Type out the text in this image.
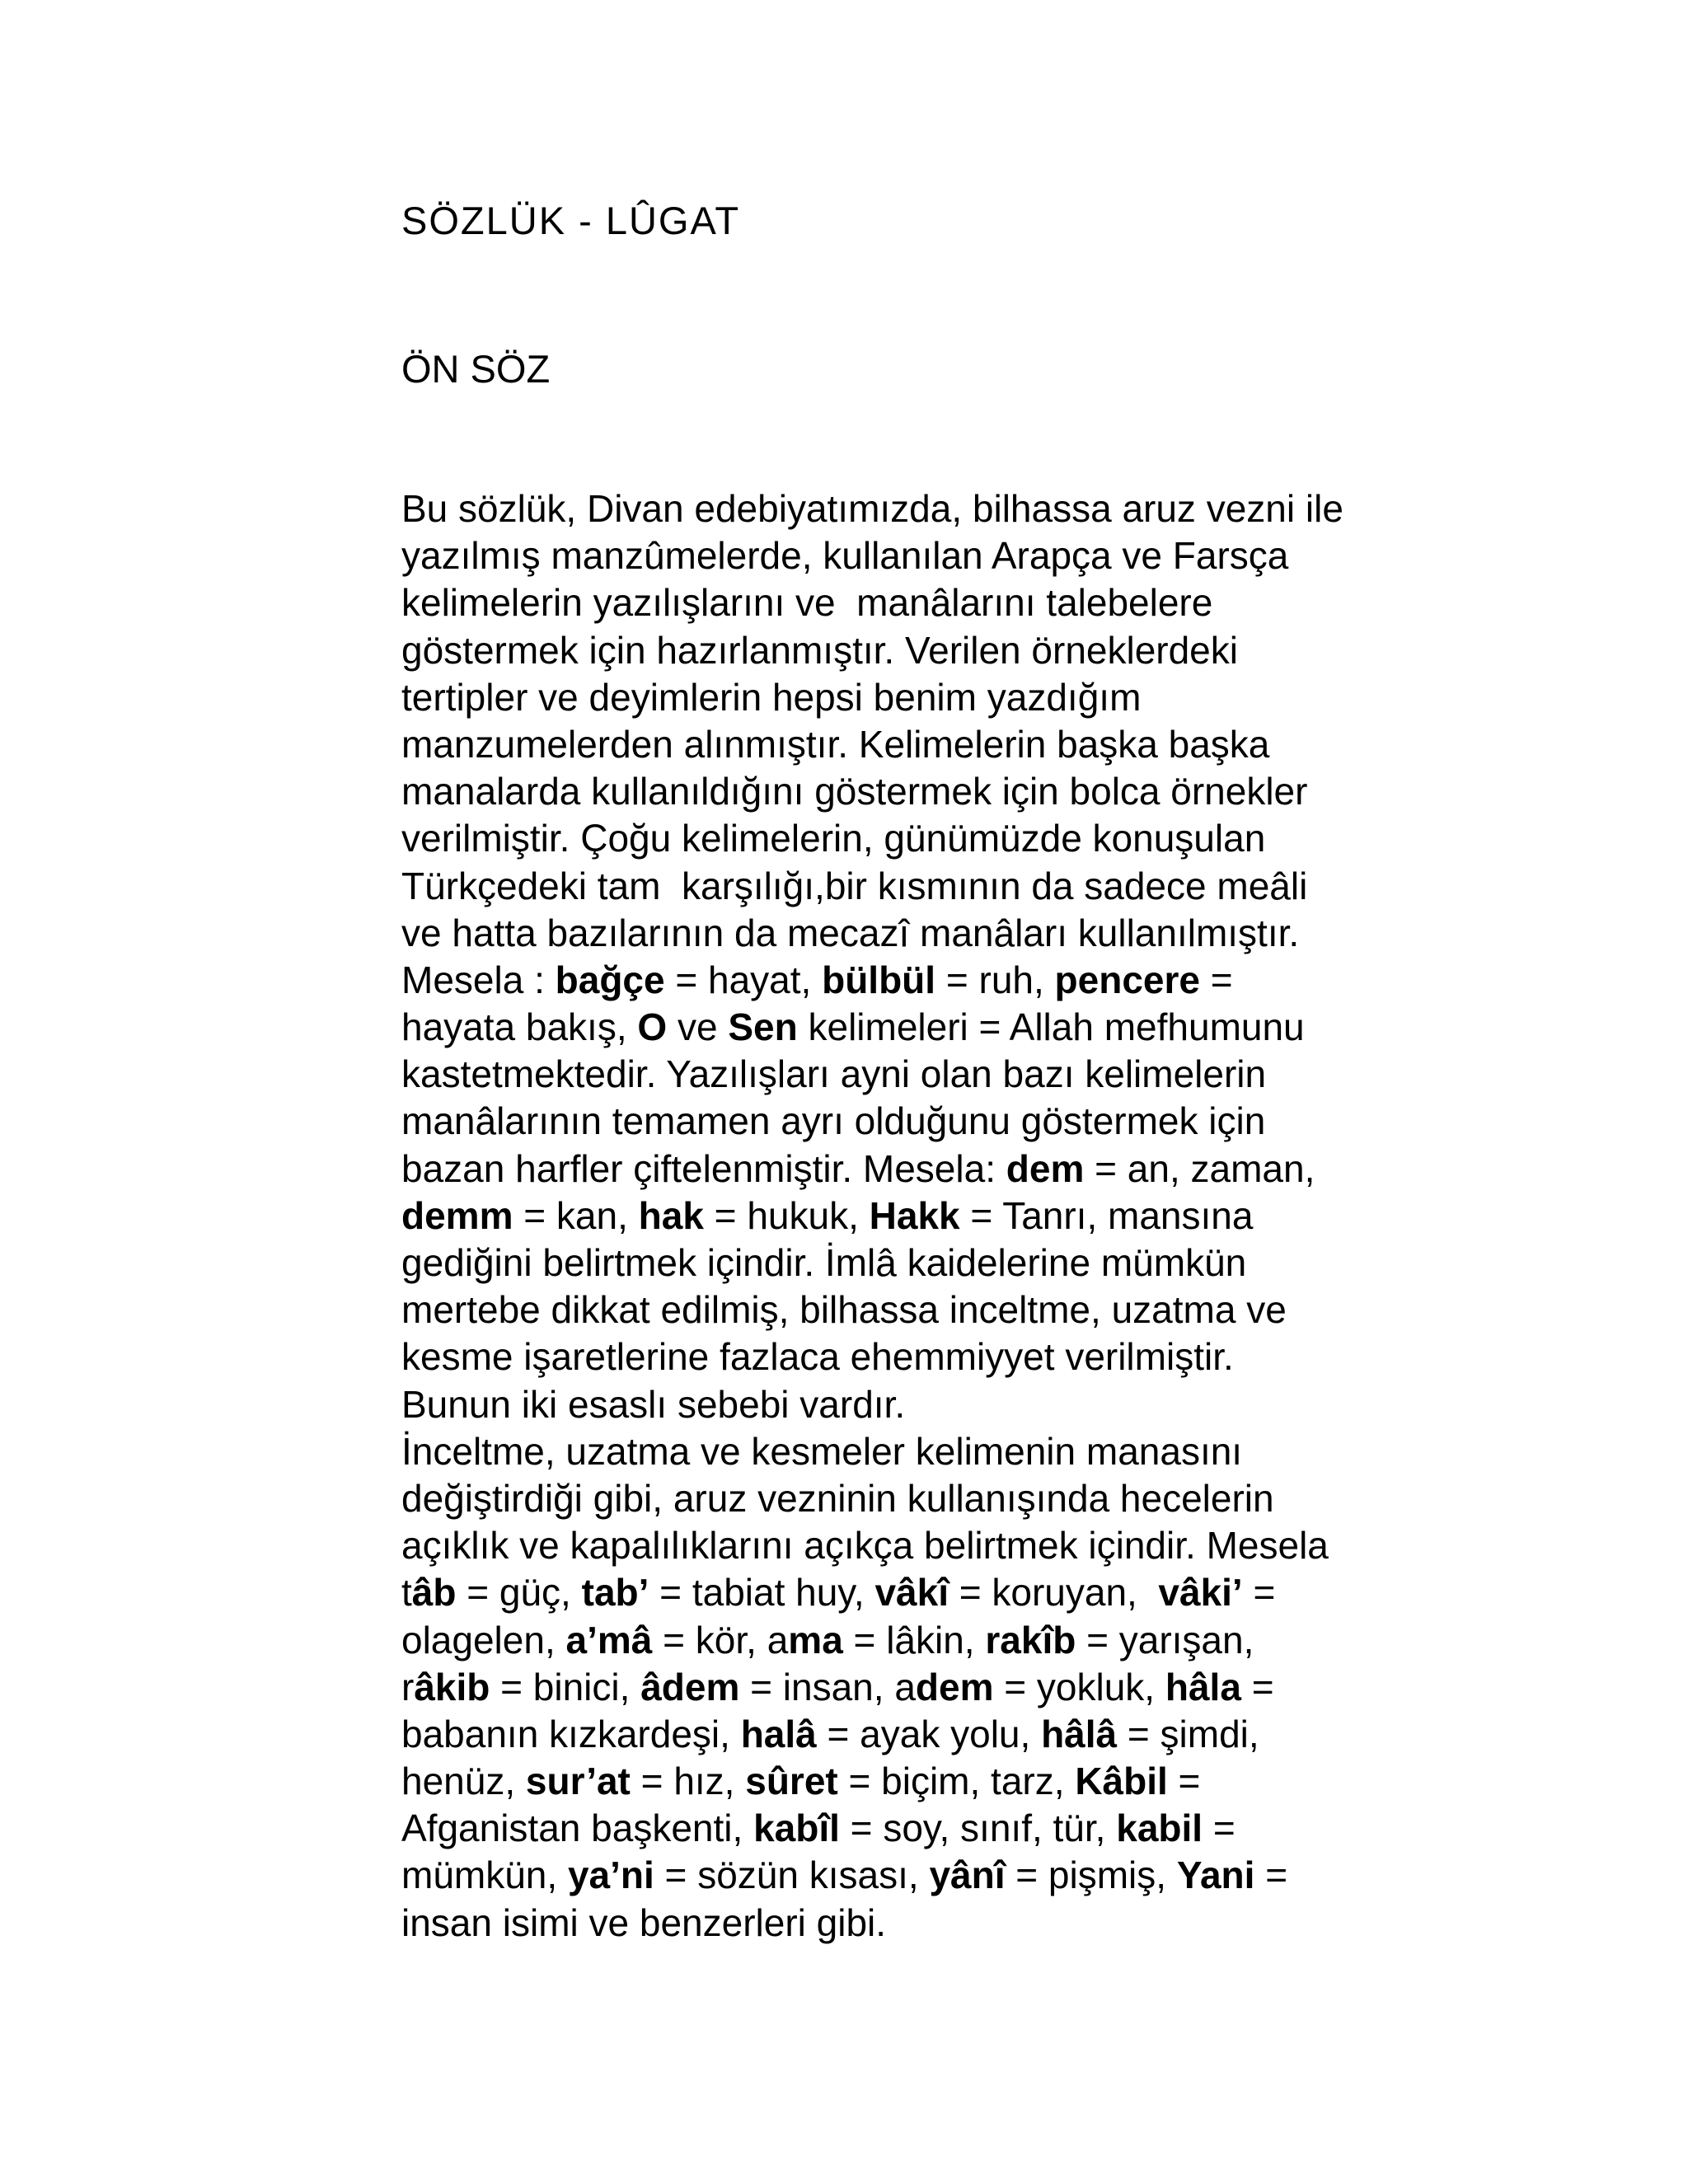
SÖZLÜK - LÛGAT
ÖN SÖZ
Bu sözlük, Divan edebiyatımızda, bilhassa aruz vezni ile
yazılmış manzûmelerde, kullanılan Arapça ve Farsça
kelimelerin yazılışlarını ve  manâlarını talebelere
göstermek için hazırlanmıştır. Verilen örneklerdeki
tertipler ve deyimlerin hepsi benim yazdığım
manzumelerden alınmıştır. Kelimelerin başka başka
manalarda kullanıldığını göstermek için bolca örnekler
verilmiştir. Çoğu kelimelerin, günümüzde konuşulan
Türkçedeki tam  karşılığı,bir kısmının da sadece meâli
ve hatta bazılarının da mecazî manâları kullanılmıştır.
Mesela : bağçe = hayat, bülbül = ruh, pencere =
hayata bakış, O ve Sen kelimeleri = Allah mefhumunu
kastetmektedir. Yazılışları ayni olan bazı kelimelerin
manâlarının temamen ayrı olduğunu göstermek için
bazan harfler çiftelenmiştir. Mesela: dem = an, zaman,
demm = kan, hak = hukuk, Hakk = Tanrı, mansına
gediğini belirtmek içindir. İmlâ kaidelerine mümkün
mertebe dikkat edilmiş, bilhassa inceltme, uzatma ve
kesme işaretlerine fazlaca ehemmiyyet verilmiştir.
Bunun iki esaslı sebebi vardır.
İnceltme, uzatma ve kesmeler kelimenin manasını
değiştirdiği gibi, aruz vezninin kullanışında hecelerin
açıklık ve kapalılıklarını açıkça belirtmek içindir. Mesela
tâb = güç, tab’ = tabiat huy, vâkî = koruyan,  vâki’ =
olagelen, a’mâ = kör, ama = lâkin, rakîb = yarışan,
râkib = binici, âdem = insan, adem = yokluk, hâla =
babanın kızkardeşi, halâ = ayak yolu, hâlâ = şimdi,
henüz, sur’at = hız, sûret = biçim, tarz, Kâbil =
Afganistan başkenti, kabîl = soy, sınıf, tür, kabil =
mümkün, ya’ni = sözün kısası, yânî = pişmiş, Yani =
insan isimi ve benzerleri gibi.
